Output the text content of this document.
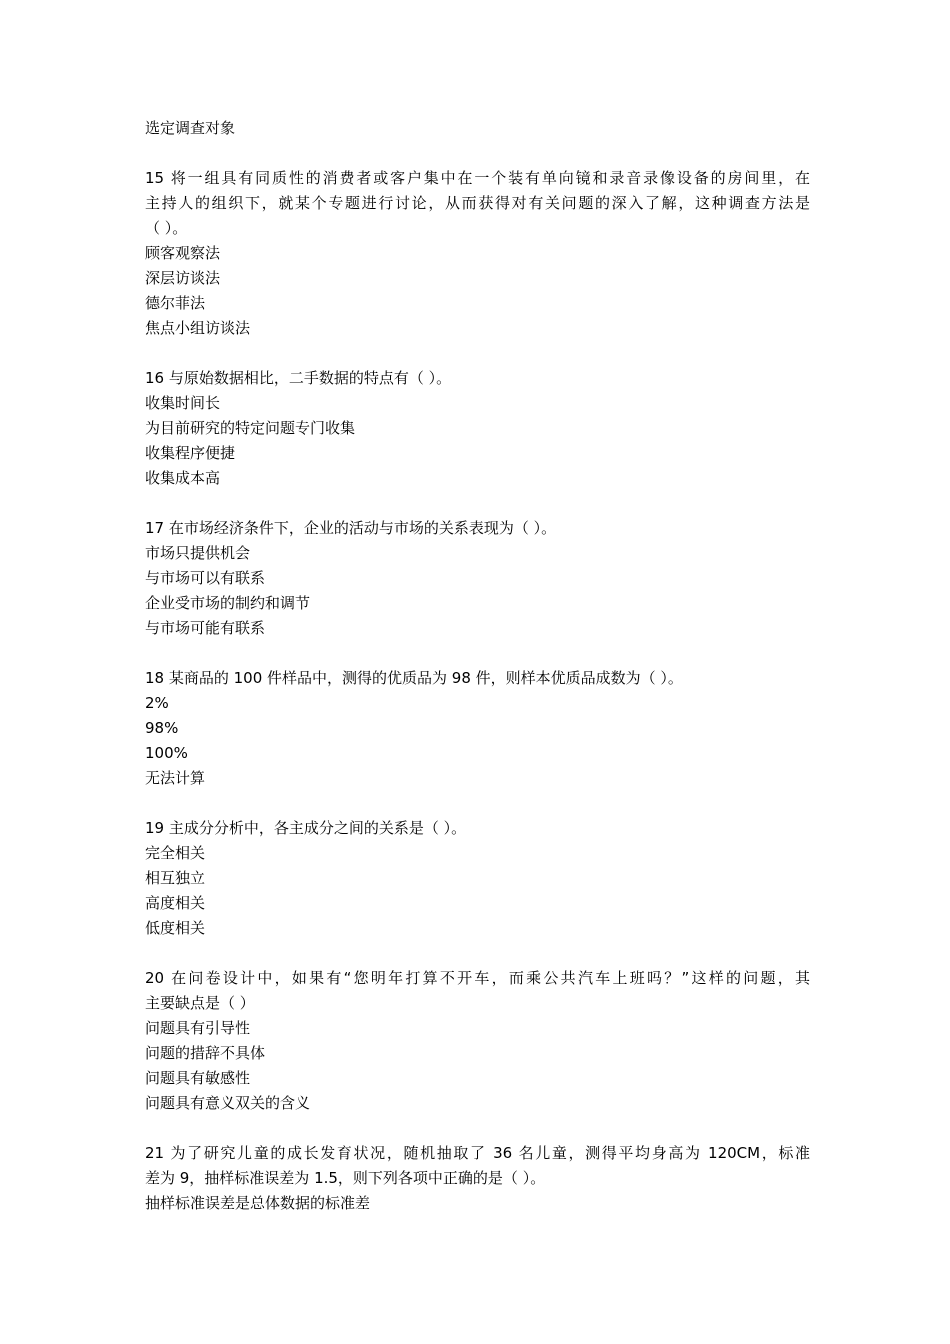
选定调查对象
15 将一组具有同质性的消费者或客户集中在一个装有单向镜和录音录像设备的房间里，在
主持人的组织下，就某个专题进行讨论，从而获得对有关问题的深入了解，这种调查方法是
（ ）。
顾客观察法
深层访谈法
德尔菲法
焦点小组访谈法
16 与原始数据相比，二手数据的特点有（ ）。
收集时间长
为目前研究的特定问题专门收集
收集程序便捷
收集成本高
17 在市场经济条件下，企业的活动与市场的关系表现为（ ）。
市场只提供机会
与市场可以有联系
企业受市场的制约和调节
与市场可能有联系
18 某商品的 100 件样品中，测得的优质品为 98 件，则样本优质品成数为（ ）。
2%
98%
100%
无法计算
19 主成分分析中，各主成分之间的关系是（ ）。
完全相关
相互独立
高度相关
低度相关
20 在问卷设计中，如果有“您明年打算不开车，而乘公共汽车上班吗？”这样的问题，其
主要缺点是（ ）
问题具有引导性
问题的措辞不具体
问题具有敏感性
问题具有意义双关的含义
21 为了研究儿童的成长发育状况，随机抽取了 36 名儿童，测得平均身高为 120CM，标准
差为 9，抽样标准误差为 1.5，则下列各项中正确的是（ ）。
抽样标准误差是总体数据的标准差
